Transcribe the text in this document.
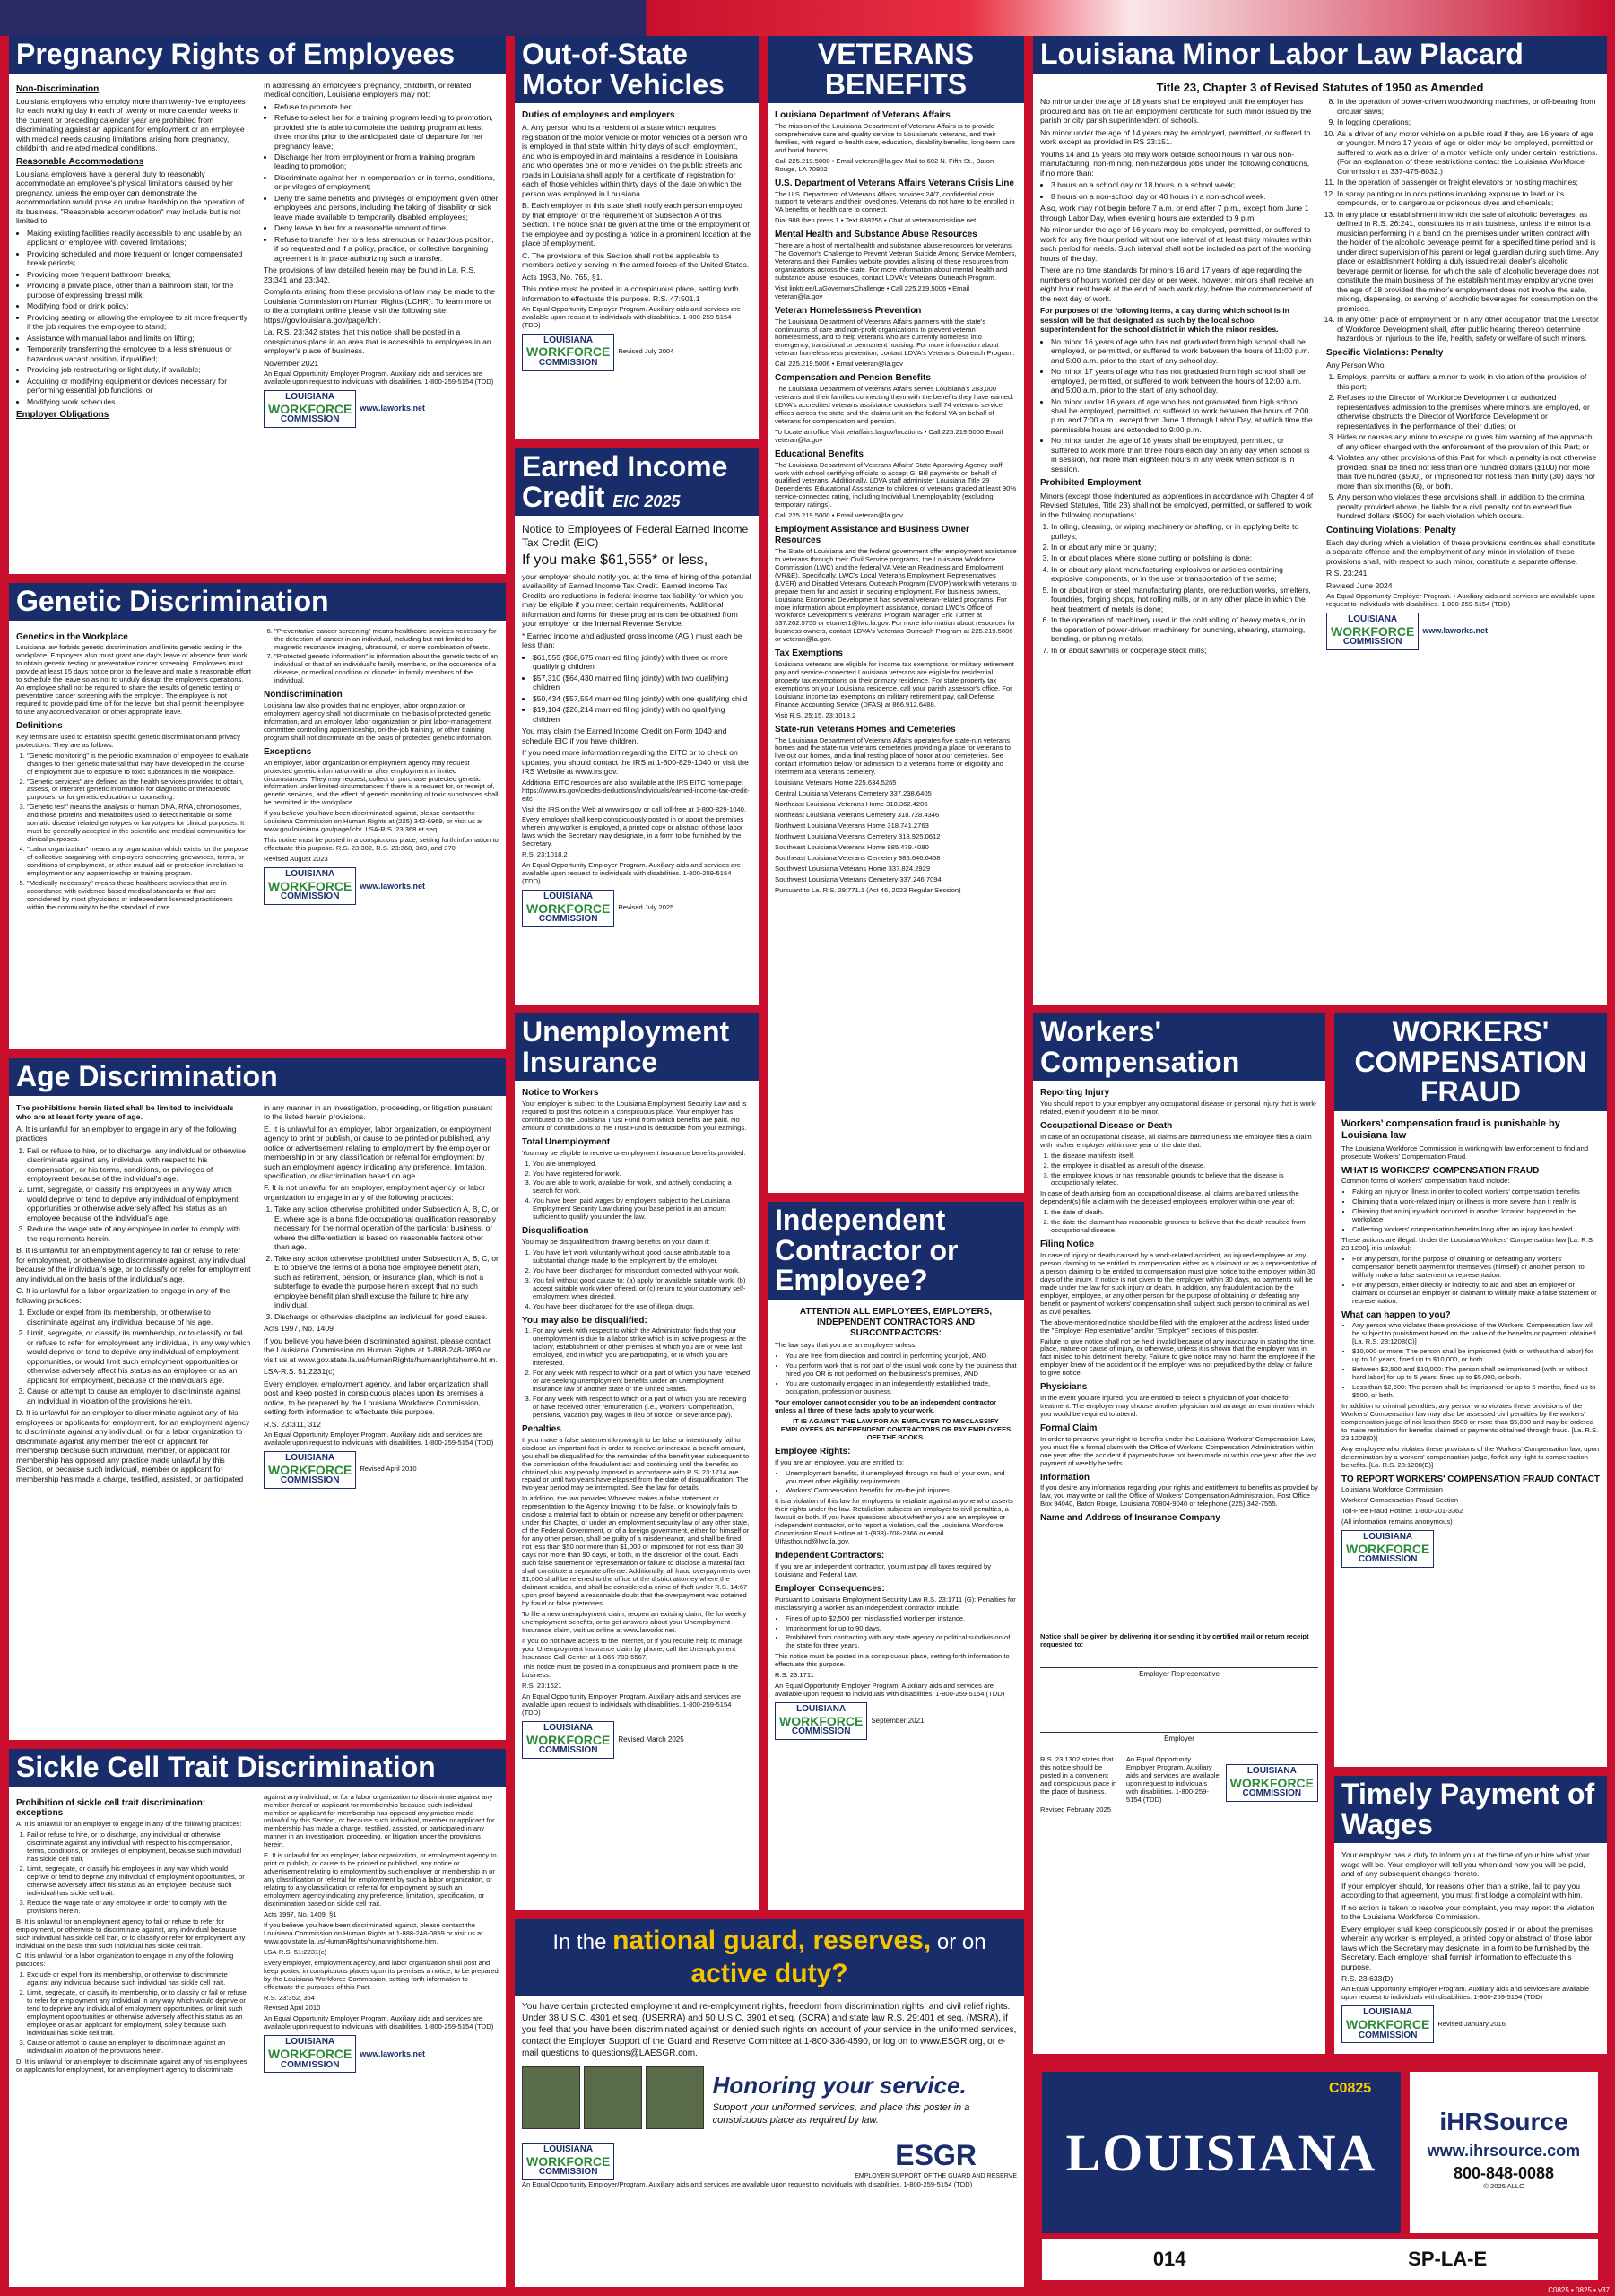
Pregnancy Rights of Employees
Non-Discrimination

Louisiana employers who employ more than twenty-five employees for each working day in each of twenty or more calendar weeks in the current or preceding calendar year are prohibited from discriminating against an applicant for employment or an employee with medical needs causing limitations arising from pregnancy, childbirth, and related medical conditions.

Reasonable Accommodations

Louisiana employers have a general duty to reasonably accommodate an employee's physical limitations caused by her pregnancy, unless the employer can demonstrate the accommodation would pose an undue hardship on the operation of its business. "Reasonable accommodation" may include but is not limited to:

• Making existing facilities readily accessible to and usable by an applicant or employee with covered limitations;
• Providing scheduled and more frequent or longer compensated break periods;
• Providing more frequent bathroom breaks;
• Providing a private place, other than a bathroom stall, for the purpose of expressing breast milk;
• Modifying food or drink policy;
• Providing seating or allowing the employee to sit more frequently if the job requires the employee to stand;
• Assistance with manual labor and limits on lifting;
• Temporarily transferring the employee to a less strenuous or hazardous vacant position, if qualified;
• Providing job restructuring or light duty, if available;
• Acquiring or modifying equipment or devices necessary for performing essential job functions; or
• Modifying work schedules.
Employer Obligations

In addressing an employee's pregnancy, childbirth, or related medical condition, Louisiana employers may not:

• Refuse to promote her;
• Refuse to select her for a training program leading to promotion, provided she is able to complete the training program at least three months prior to the anticipated date of departure for her pregnancy leave;
• Discharge her from employment or from a training program leading to promotion;
• Discriminate against her in compensation or in terms, conditions, or privileges of employment;
• Deny the same benefits and privileges of employment given other employees and persons, including the taking of disability or sick leave made available to temporarily disabled employees;
• Deny leave to her for a reasonable amount of time;
• Refuse to transfer her to a less strenuous or hazardous position, if so requested and if a policy, practice, or collective bargaining agreement is in place authorizing such a transfer.

The provisions of law detailed herein may be found in La. R.S. 23:341 and 23:342.

Complaints arising from these provisions of law may be made to the Louisiana Commission on Human Rights (LCHR). To learn more or to file a complaint online please visit the following site: https://gov.louisiana.gov/page/lchr.

La. R.S. 23:342 states that this notice shall be posted in a conspicuous place in an area that is accessible to employees in an employer's place of business.

November 2021

An Equal Opportunity Employer Program. Auxiliary aids and services are available upon request to individuals with disabilities. 1-800-259-5154 (TDD)

LOUISIANA
WORKFORCE
COMMISSION
www.laworks.net
Out-of-State Motor Vehicles
Duties of employees and employers

A. Any person who is a resident of a state which requires registration of the motor vehicle or motor vehicles of a person who is employed in that state within thirty days of such employment, and who is employed in and maintains a residence in Louisiana and who operates one or more vehicles on the public streets and roads in Louisiana shall apply for a certificate of registration for each of those vehicles within thirty days of the date on which the person was employed in Louisiana.

B. Each employer in this state shall notify each person employed by that employer of the requirement of Subsection A of this Section. The notice shall be given at the time of the employment of the employee and by posting a notice in a prominent location at the place of employment.

C. The provisions of this Section shall not be applicable to members actively serving in the armed forces of the United States.

Acts 1993, No. 765, §1.

This notice must be posted in a conspicuous place, setting forth information to effectuate this purpose. R.S. 47:501.1

An Equal Opportunity Employer Program. Auxiliary aids and services are available upon request to individuals with disabilities. 1-800-259-5154 (TDD)

LOUISIANA
WORKFORCE
COMMISSION
Revised July 2004
Earned Income Credit EIC 2025

Notice to Employees of Federal Earned Income Tax Credit (EIC)

If you make $61,555* or less,

your employer should notify you at the time of hiring of the potential availability of Earned Income Tax Credit. Earned Income Tax Credits are reductions in federal income tax liability for which you may be eligible if you meet certain requirements. Additional information and forms for these programs can be obtained from your employer or the Internal Revenue Service.

* Earned income and adjusted gross income (AGI) must each be less than:

• $61,555 ($68,675 married filing jointly) with three or more qualifying children
• $57,310 ($64,430 married filing jointly) with two qualifying children
• $50,434 ($57,554 married filing jointly) with one qualifying child
• $19,104 ($26,214 married filing jointly) with no qualifying children

You may claim the Earned Income Credit on Form 1040 and schedule EIC if you have children.

If you need more information regarding the EITC or to check on updates, you should contact the IRS at 1-800-829-1040 or visit the IRS Website at www.irs.gov.

Additional EITC resources are also available at the IRS EITC home page: https://www.irs.gov/credits-deductions/individuals/earned-income-tax-credit-eitc

Visit the IRS on the Web at www.irs.gov or call toll-free at 1-800-829-1040.

Every employer shall keep conspicuously posted in or about the premises wherein any worker is employed, a printed copy or abstract of those labor laws which the Secretary may designate, in a form to be furnished by the Secretary.

R.S. 23:1018.2

An Equal Opportunity Employer Program. Auxiliary aids and services are available upon request to individuals with disabilities. 1-800-259-5154 (TDD)

LOUISIANA
WORKFORCE
COMMISSION
Revised July 2025
VETERANS BENEFITS
Louisiana Department of Veterans Affairs

The mission of the Louisiana Department of Veterans Affairs is to provide comprehensive care and quality service to Louisiana's veterans, and their families, with regard to health care, education, disability benefits, long-term care and burial honors.

Call 225.219.5000 • Email veteran@la.gov Mail to 602 N. Fifth St., Baton Rouge, LA 70802

U.S. Department of Veterans Affairs Veterans Crisis Line

The U.S. Department of Veterans Affairs provides 24/7, confidential crisis support to veterans and their loved ones. Veterans do not have to be enrolled in VA benefits or health care to connect.

Dial 988 then press 1 • Text 838255 • Chat at veteranscrisisline.net

Mental Health and Substance Abuse Resources

There are a host of mental health and substance abuse resources for veterans. The Governor's Challenge to Prevent Veteran Suicide Among Service Members, Veterans and their Families website provides a listing of these resources from organizations across the state. For more information about mental health and substance abuse resources, contact LDVA's Veterans Outreach Program.

Visit linktr.ee/LaGovernorsChallenge • Call 225.219.5006 • Email veteran@la.gov

Veteran Homelessness Prevention

The Louisiana Department of Veterans Affairs partners with the state's continuums of care and non-profit organizations to prevent veteran homelessness, and to help veterans who are currently homeless into emergency, transitional or permanent housing. For more information about veteran homelessness prevention, contact LDVA's Veterans Outreach Program.

Call 225.219.5006 • Email veteran@la.gov

Compensation and Pension Benefits

The Louisiana Department of Veterans Affairs serves Louisiana's 283,000 veterans and their families connecting them with the benefits they have earned. LDVA's accredited veterans assistance counselors staff 74 veterans service offices across the state and the claims unit on the federal VA on behalf of veterans for compensation and pension.

To locate an office Visit vetaffairs.la.gov/locations • Call 225.219.5000 Email veteran@la.gov

Educational Benefits

The Louisiana Department of Veterans Affairs' State Approving Agency staff work with school certifying officials to accept GI Bill payments on behalf of qualified veterans. Additionally, LDVA staff administer Louisiana Title 29 Dependents' Educational Assistance to children of veterans graded at least 90% service-connected rating, including Individual Unemployability (excluding temporary ratings).

Call 225.219.5000 • Email veteran@la.gov

Employment Assistance and Business Owner Resources

The State of Louisiana and the federal government offer employment assistance to veterans through their Civil Service programs, the Louisiana Workforce Commission (LWC) and the federal VA Veteran Readiness and Employment (VR&E). Specifically, LWC's Local Veterans Employment Representatives (LVER) and Disabled Veterans Outreach Program (DVOP) work with veterans to prepare them for and assist in securing employment. For business owners, Louisiana Economic Development has several veteran-related programs. For more information about employment assistance, contact LWC's Office of Workforce Development's Veterans' Program Manager Eric Turner at 337.262.5750 or eturner1@lwc.la.gov. For more information about resources for business owners, contact LDVA's Veterans Outreach Program at 225.219.5006 or veteran@la.gov.

Tax Exemptions

Louisiana veterans are eligible for income tax exemptions for military retirement pay and service-connected Louisiana veterans are eligible for residential property tax exemptions on their primary residence. For state property tax exemptions on your Louisiana residence, call your parish assessor's office. For Louisiana income tax exemptions on military retirement pay, call Defense Finance Accounting Service (DFAS) at 866.912.6488.

Visit R.S. 25:15, 23:1018.2

State-run Veterans Homes and Cemeteries

The Louisiana Department of Veterans Affairs operates five state-run veterans homes and the state-run veterans cemeteries providing a place for veterans to live out our homes, and a final resting place of honor at our cemeteries. See contact information below for admission to a veterans home or eligibility and interment at a veterans cemetery.

Louisiana Veterans Home 225.634.5265

Central Louisiana Veterans Cemetery 337.238.6405

Northeast Louisiana Veterans Home 318.362.4206

Northeast Louisiana Veterans Cemetery 318.728.4346

Northwest Louisiana Veterans Home 318.741.2763

Northwest Louisiana Veterans Cemetery 318.925.0612

Southeast Louisiana Veterans Home 985.479.4080

Southeast Louisiana Veterans Cemetery 985.646.6458

Southwest Louisiana Veterans Home 337.824.2929

Southwest Louisiana Veterans Cemetery 337.246.7094

Pursuant to La. R.S. 29:771.1 (Act 46, 2023 Regular Session)

Louisiana Minor Labor Law Placard

Title 23, Chapter 3 of Revised Statutes of 1950 as Amended

No minor under the age of 18 years shall be employed until the employer has procured and has on file an employment certificate for such minor issued by the parish or city parish superintendent of schools.

No minor under the age of 14 years may be employed, permitted, or suffered to work except as provided in RS 23:151.

Youths 14 and 15 years old may work outside school hours in various non-manufacturing, non-mining, non-hazardous jobs under the following conditions, if no more than:

• 3 hours on a school day or 18 hours in a school week;
• 8 hours on a non-school day or 40 hours in a non-school week.

Also, work may not begin before 7 a.m. or end after 7 p.m., except from June 1 through Labor Day, when evening hours are extended to 9 p.m.

No minor under the age of 16 years may be employed, permitted, or suffered to work for any five hour period without one interval of at least thirty minutes within such period for meals. Such interval shall not be included as part of the working hours of the day.

There are no time standards for minors 16 and 17 years of age regarding the numbers of hours worked per day or per week, however, minors shall receive an eight hour rest break at the end of each work day, before the commencement of the next day of work.

For purposes of the following items, a day during which school is in session will be that designated as such by the local school superintendent for the school district in which the minor resides.

• No minor 16 years of age who has not graduated from high school shall be employed, or permitted, or suffered to work between the hours of 11:00 p.m. and 5:00 a.m. prior to the start of any school day.
• No minor 17 years of age who has not graduated from high school shall be employed, permitted, or suffered to work between the hours of 12:00 a.m. and 5:00 a.m. prior to the start of any school day.
• No minor under 16 years of age who has not graduated from high school shall be employed, permitted, or suffered to work between the hours of 7:00 p.m. and 7:00 a.m., except from June 1 through Labor Day, at which time the permissible hours are extended to 9:00 p.m.
• No minor under the age of 16 years shall be employed, permitted, or suffered to work more than three hours each day on any day when school is in session, nor more than eighteen hours in any week when school is in session.
Prohibited Employment

Minors (except those indentured as apprentices in accordance with Chapter 4 of Revised Statutes, Title 23) shall not be employed, permitted, or suffered to work in the following occupations:

1. In oiling, cleaning, or wiping machinery or shafting, or in applying belts to pulleys;
2. In or about any mine or quarry;
3. In or about places where stone cutting or polishing is done;
4. In or about any plant manufacturing explosives or articles containing explosive components, or in the use or transportation of the same;
5. In or about iron or steel manufacturing plants, ore reduction works, smelters, foundries, forging shops, hot rolling mills, or in any other place in which the heat treatment of metals is done;
6. In the operation of machinery used in the cold rolling of heavy metals, or in the operation of power-driven machinery for punching, shearing, stamping, bending, or planing metals;
7. In or about sawmills or cooperage stock mills;
8. In the operation of power-driven woodworking machines, or off-bearing from circular saws;
9. In logging operations;
10. As a driver of any motor vehicle on a public road if they are 16 years of age or younger. Minors 17 years of age or older may be employed, permitted or suffered to work as a driver of a motor vehicle only under certain restrictions. (For an explanation of these restrictions contact the Louisiana Workforce Commission at 337-475-8032.)
11. In the operation of passenger or freight elevators or hoisting machines;
12. In spray painting or in occupations involving exposure to lead or its compounds, or to dangerous or poisonous dyes and chemicals;
13. In any place or establishment in which the sale of alcoholic beverages, as defined in R.S. 26:241, constitutes its main business, unless the minor is a musician performing in a band on the premises under written contract with the holder of the alcoholic beverage permit for a specified time period and is under direct supervision of his parent or legal guardian during such time. Any place or establishment holding a duly issued retail dealer's alcoholic beverage permit or license, for which the sale of alcoholic beverage does not constitute the main business of the establishment may employ anyone over the age of 18 provided the minor's employment does not involve the sale, mixing, dispensing, or serving of alcoholic beverages for consumption on the premises.
14. In any other place of employment or in any other occupation that the Director of Workforce Development shall, after public hearing thereon determine hazardous or injurious to the life, health, safety or welfare of such minors.
Specific Violations: Penalty

Any Person Who:

1. Employs, permits or suffers a minor to work in violation of the provision of this part;
2. Refuses to the Director of Workforce Development or authorized representatives admission to the premises where minors are employed, or otherwise obstructs the Director of Workforce Development or representatives in the performance of their duties; or
3. Hides or causes any minor to escape or gives him warning of the approach of any officer charged with the enforcement of the provision of this Part; or
4. Violates any other provisions of this Part for which a penalty is not otherwise provided, shall be fined not less than one hundred dollars ($100) nor more than five hundred ($500), or imprisoned for not less than thirty (30) days nor more than six months (6), or both.
5. Any person who violates these provisions shall, in addition to the criminal penalty provided above, be liable for a civil penalty not to exceed five hundred dollars ($500) for each violation which occurs.
Continuing Violations: Penalty

Each day during which a violation of these provisions continues shall constitute a separate offense and the employment of any minor in violation of these provisions shall, with respect to such minor, constitute a separate offense.

R.S. 23:241

Revised June 2024

An Equal Opportunity Employer Program. • Auxiliary aids and services are available upon request to individuals with disabilities. 1-800-259-5154 (TDD)

LOUISIANA
WORKFORCE
COMMISSION
www.laworks.net
Genetic Discrimination
Genetics in the Workplace

Louisiana law forbids genetic discrimination and limits genetic testing in the workplace. Employers also must grant one day's leave of absence from work to obtain genetic testing or preventative cancer screening. Employees must provide at least 15 days notice prior to the leave and make a reasonable effort to schedule the leave so as not to unduly disrupt the employer's operations. An employee shall not be required to share the results of genetic testing or preventative cancer screening with the employer. The employee is not required to provide paid time off for the leave, but shall permit the employee to use any accrued vacation or other appropriate leave.

Definitions

Key terms are used to establish specific genetic discrimination and privacy protections. They are as follows:

1. "Genetic monitoring" is the periodic examination of employees to evaluate changes to their genetic material that may have developed in the course of employment due to exposure to toxic substances in the workplace.
2. "Genetic services" are defined as the health services provided to obtain, assess, or interpret genetic information for diagnostic or therapeutic purposes, or for genetic education or counseling.
3. "Genetic test" means the analysis of human DNA, RNA, chromosomes, and those proteins and metabolites used to detect heritable or some somatic disease related genotypes or karyotypes for clinical purposes. It must be generally accepted in the scientific and medical communities for clinical purposes.
4. "Labor organization" means any organization which exists for the purpose of collective bargaining with employers concerning grievances, terms, or conditions of employment, or other mutual aid or protection in relation to employment or any apprenticeship or training program.
5. "Medically necessary" means those healthcare services that are in accordance with evidence-based medical standards or that are considered by most physicians or independent licensed practitioners within the community to be the standard of care.
6. "Preventative cancer screening" means healthcare services necessary for the detection of cancer in an individual, including but not limited to magnetic resonance imaging, ultrasound, or some combination of tests.
7. "Protected genetic information" is information about the genetic tests of an individual or that of an individual's family members, or the occurrence of a disease, or medical condition or disorder in family members of the individual.
Nondiscrimination

Louisiana law also provides that no employer, labor organization or employment agency shall not discriminate on the basis of protected genetic information, and an employer, labor organization or joint labor-management committee controlling apprenticeship, on-the-job training, or other training program shall not discriminate on the basis of protected genetic information.

Exceptions

An employer, labor organization or employment agency may request protected genetic information with or after employment in limited circumstances. They may request, collect or purchase protected genetic information under limited circumstances if there is a request for, or receipt of, genetic services, and the effect of genetic monitoring of toxic substances shall be permitted in the workplace.

If you believe you have been discriminated against, please contact the Louisiana Commission on Human Rights at (225) 342-6969, or visit us at www.gov.louisiana.gov/page/lchr. LSA-R.S. 23:368 et seq.

This notice must be posted in a conspicuous place, setting forth information to effectuate this purpose. R.S. 23:302, R.S. 23:368, 369, and 370

Revised August 2023

LOUISIANA
WORKFORCE
COMMISSION
www.laworks.net
Age Discrimination

The prohibitions herein listed shall be limited to individuals who are at least forty years of age.

A. It is unlawful for an employer to engage in any of the following practices:

1. Fail or refuse to hire, or to discharge, any individual or otherwise discriminate against any individual with respect to his compensation, or his terms, conditions, or privileges of employment because of the individual's age.
2. Limit, segregate, or classify his employees in any way which would deprive or tend to deprive any individual of employment opportunities or otherwise adversely affect his status as an employee because of the individual's age.
3. Reduce the wage rate of any employee in order to comply with the requirements herein.

B. It is unlawful for an employment agency to fail or refuse to refer for employment, or otherwise to discriminate against, any individual because of the individual's age, or to classify or refer for employment any individual on the basis of the individual's age.

C. It is unlawful for a labor organization to engage in any of the following practices:

1. Exclude or expel from its membership, or otherwise to discriminate against any individual because of his age.
2. Limit, segregate, or classify its membership, or to classify or fail or refuse to refer for employment any individual, in any way which would deprive or tend to deprive any individual of employment opportunities, or would limit such employment opportunities or otherwise adversely affect his status as an employee or as an applicant for employment, because of the individual's age.
3. Cause or attempt to cause an employer to discriminate against an individual in violation of the provisions herein.

D. It is unlawful for an employer to discriminate against any of his employees or applicants for employment, for an employment agency to discriminate against any individual, or for a labor organization to discriminate against any member thereof or applicant for membership because such individual, member, or applicant for membership has opposed any practice made unlawful by this Section, or because such individual, member or applicant for membership has made a charge, testified, assisted, or participated in any manner in an investigation, proceeding, or litigation pursuant to the listed herein provisions.

E. It is unlawful for an employer, labor organization, or employment agency to print or publish, or cause to be printed or published, any notice or advertisement relating to employment by the employer or membership in or any classification or referral for employment by such an employment agency indicating any preference, limitation, specification, or discrimination based on age.

F. It is not unlawful for an employer, employment agency, or labor organization to engage in any of the following practices:

1. Take any action otherwise prohibited under Subsection A, B, C, or E, where age is a bona fide occupational qualification reasonably necessary for the normal operation of the particular business, or where the differentiation is based on reasonable factors other than age.
2. Take any action otherwise prohibited under Subsection A, B, C, or E to observe the terms of a bona fide employee benefit plan, such as retirement, pension, or insurance plan, which is not a subterfuge to evade the purpose herein except that no such employee benefit plan shall excuse the failure to hire any individual.
3. Discharge or otherwise discipline an individual for good cause.

Acts 1997, No. 1409

If you believe you have been discriminated against, please contact the Louisiana Commission on Human Rights at 1-888-248-0859 or visit us at www.gov.state.la.us/HumanRights/humanrightshome.ht m.

LSA-R.S. 51:2231(c)

Every employer, employment agency, and labor organization shall post and keep posted in conspicuous places upon its premises a notice, to be prepared by the Louisiana Workforce Commission, setting forth information to effectuate this purpose.

R.S. 23:311, 312

An Equal Opportunity Employer Program. Auxiliary aids and services are available upon request to individuals with disabilities. 1-800-259-5154 (TDD)

LOUISIANA
WORKFORCE
COMMISSION
Revised April 2010
Sickle Cell Trait Discrimination
Prohibition of sickle cell trait discrimination; exceptions

A. It is unlawful for an employer to engage in any of the following practices:

1. Fail or refuse to hire, or to discharge, any individual or otherwise discriminate against any individual with respect to his compensation, terms, conditions, or privileges of employment, because such individual has sickle cell trait.
2. Limit, segregate, or classify his employees in any way which would deprive or tend to deprive any individual of employment opportunities, or otherwise adversely affect his status as an employee, because such individual has sickle cell trait.
3. Reduce the wage rate of any employee in order to comply with the provisions herein.

B. It is unlawful for an employment agency to fail or refuse to refer for employment, or otherwise to discriminate against, any individual because such individual has sickle cell trait, or to classify or refer for employment any individual on the basis that such individual has sickle cell trait.

C. It is unlawful for a labor organization to engage in any of the following practices:

1. Exclude or expel from its membership, or otherwise to discriminate against any individual because such individual has sickle cell trait.
2. Limit, segregate, or classify its membership, or to classify or fail or refuse to refer for employment any individual in any way which would deprive or tend to deprive any individual of employment opportunities, or limit such employment opportunities or otherwise adversely affect his status as an employee or as an applicant for employment, solely because such individual has sickle cell trait.
3. Cause or attempt to cause an employer to discriminate against an individual in violation of the provisions herein.

D. It is unlawful for an employer to discriminate against any of his employees or applicants for employment, for an employment agency to discriminate against any individual, or for a labor organization to discriminate against any member thereof or applicant for membership because such individual, member or applicant for membership has opposed any practice made unlawful by this Section, or because such individual, member or applicant for membership has made a charge, testified, assisted, or participated in any manner in an investigation, proceeding, or litigation under the provisions herein.

E. It is unlawful for an employer, labor organization, or employment agency to print or publish, or cause to be printed or published, any notice or advertisement relating to employment by such employer or membership in or any classification or referral for employment by such a labor organization, or relating to any classification or referral for employment by such an employment agency indicating any preference, limitation, specification, or discrimination based on sickle cell trait.

Acts 1997, No. 1409, §1

If you believe you have been discriminated against, please contact the Louisiana Commission on Human Rights at 1-888-248-0859 or visit us at www.gov.state.la.us/HumanRights/humanrightshome.htm.

LSA-R.S. 51:2231(c)

Every employer, employment agency, and labor organization shall post and keep posted in conspicuous places upon its premises a notice, to be prepared by the Louisiana Workforce Commission, setting forth information to effectuate the purposes of this Part.

R.S. 23:352, 354

Revised April 2010

An Equal Opportunity Employer Program. Auxiliary aids and services are available upon request to individuals with disabilities. 1-800-259-5154 (TDD)

LOUISIANA
WORKFORCE
COMMISSION
www.laworks.net
Unemployment Insurance
Notice to Workers

Your employer is subject to the Louisiana Employment Security Law and is required to post this notice in a conspicuous place. Your employer has contributed to the Louisiana Trust Fund from which benefits are paid. No amount of contributions to the Trust Fund is deductible from your earnings.

Total Unemployment

You may be eligible to receive unemployment insurance benefits provided:

1. You are unemployed.
2. You have registered for work.
3. You are able to work, available for work, and actively conducting a search for work.
4. You have been paid wages by employers subject to the Louisiana Employment Security Law during your base period in an amount sufficient to qualify you under the law.
Disqualification

You may be disqualified from drawing benefits on your claim if:

1. You have left work voluntarily without good cause attributable to a substantial change made to the employment by the employer.
2. You have been discharged for misconduct connected with your work.
3. You fail without good cause to: (a) apply for available suitable work, (b) accept suitable work when offered, or (c) return to your customary self-employment when directed.
4. You have been discharged for the use of illegal drugs.
You may also be disqualified:
1. For any week with respect to which the Administrator finds that your unemployment is due to a labor strike which is in active progress at the factory, establishment or other premises at which you are or were last employed, and in which you are participating, or in which you are interested.
2. For any week with respect to which or a part of which you have received or are seeking unemployment benefits under an unemployment insurance law of another state or the United States.
3. For any week with respect to which or a part of which you are receiving or have received other remuneration (i.e., Workers' Compensation, pensions, vacation pay, wages in lieu of notice, or severance pay).
Penalties

If you make a false statement knowing it to be false or intentionally fail to disclose an important fact in order to receive or increase a benefit amount, you shall be disqualified for the remainder of the benefit year subsequent to the commission of the fraudulent act and continuing until the benefits so obtained plus any penalty imposed in accordance with R.S. 23:1714 are repaid or until two years have elapsed from the date of disqualification. The two-year period may be interrupted. See the law for details.

In addition, the law provides Whoever makes a false statement or representation to the Agency knowing it to be false, or knowingly fails to disclose a material fact to obtain or increase any benefit or other payment under this Chapter, or under an employment security law of any other state, of the Federal Government, or of a foreign government, either for himself or for any other person, shall be guilty of a misdemeanor, and shall be fined not less than $50 nor more than $1,000 or imprisoned for not less than 30 days nor more than 90 days, or both, in the discretion of the court. Each such false statement or representation or failure to disclose a material fact shall constitute a separate offense. Additionally, all fraud overpayments over $1,000 shall be referred to the office of the district attorney where the claimant resides, and shall be considered a crime of theft under R.S. 14:67 upon proof beyond a reasonable doubt that the overpayment was obtained by fraud or false pretenses.

To file a new unemployment claim, reopen an existing claim, file for weekly unemployment benefits, or to get answers about your Unemployment Insurance claim, visit us online at www.laworks.net.

If you do not have access to the Internet, or if you require help to manage your Unemployment Insurance claim by phone, call the Unemployment Insurance Call Center at 1-866-783-5567.

This notice must be posted in a conspicuous and prominent place in the business.

R.S. 23:1621

An Equal Opportunity Employer Program. Auxiliary aids and services are available upon request to individuals with disabilities. 1-800-259-5154 (TDD)

LOUISIANA
WORKFORCE
COMMISSION
Revised March 2025
Independent Contractor or Employee?

ATTENTION ALL EMPLOYEES, EMPLOYERS, INDEPENDENT CONTRACTORS AND SUBCONTRACTORS:

The law says that you are an employee unless:

• You are free from direction and control in performing your job, AND
• You perform work that is not part of the usual work done by the business that hired you OR is not performed on the business's premises, AND
• You are customarily engaged in an independently established trade, occupation, profession or business.

Your employer cannot consider you to be an independent contractor unless all three of these facts apply to your work.

IT IS AGAINST THE LAW FOR AN EMPLOYER TO MISCLASSIFY EMPLOYEES AS INDEPENDENT CONTRACTORS OR PAY EMPLOYEES OFF THE BOOKS.

Employee Rights:

If you are an employee, you are entitled to:

• Unemployment benefits, if unemployed through no fault of your own, and you meet other eligibility requirements.
• Workers' Compensation benefits for on-the-job injuries.

It is a violation of this law for employers to retaliate against anyone who asserts their rights under the law. Retaliation subjects an employer to civil penalties, a lawsuit or both. If you have questions about whether you are an employee or independent contractor, or to report a violation, call the Louisiana Workforce Commission Fraud Hotline at 1-(833)-708-2866 or email UIfasthound@lwc.la.gov.

Independent Contractors:

If you are an independent contractor, you must pay all taxes required by Louisiana and Federal Law.

Employer Consequences:

Pursuant to Louisiana Employment Security Law R.S. 23:1711 (G): Penalties for misclassifying a worker as an independent contractor include:

• Fines of up to $2,500 per misclassified worker per instance.
• Imprisonment for up to 90 days.
• Prohibited from contracting with any state agency or political subdivision of the state for three years.

This notice must be posted in a conspicuous place, setting forth information to effectuate this purpose.

R.S. 23:1711

An Equal Opportunity Employer Program. Auxiliary aids and services are available upon request to individuals with disabilities. 1-800-259-5154 (TDD)

LOUISIANA
WORKFORCE
COMMISSION
September 2021
In the national guard, reserves, or on active duty?

You have certain protected employment and re-employment rights, freedom from discrimination rights, and civil relief rights. Under 38 U.S.C. 4301 et seq. (USERRA) and 50 U.S.C. 3901 et seq. (SCRA) and state law R.S. 29:401 et seq. (MSRA), if you feel that you have been discriminated against or denied such rights on account of your service in the uniformed services, contact the Employer Support of the Guard and Reserve Committee at 1-800-336-4590, or log on to www.ESGR.org, or e-mail questions to questions@LAESGR.com.

Honoring your service.

Support your uniformed services, and place this poster in a conspicuous place as required by law.

LOUISIANA
WORKFORCE
COMMISSION
ESGR
EMPLOYER SUPPORT OF THE GUARD AND RESERVE

An Equal Opportunity Employer/Program. Auxiliary aids and services are available upon request to individuals with disabilities. 1-800-259-5154 (TDD)

Workers' Compensation
Reporting Injury

You should report to your employer any occupational disease or personal injury that is work-related, even if you deem it to be minor.

Occupational Disease or Death

In case of an occupational disease, all claims are barred unless the employee files a claim with his/her employer within one year of the date that:

1. the disease manifests itself.
2. the employee is disabled as a result of the disease.
3. the employee knows or has reasonable grounds to believe that the disease is occupationally related.

In case of death arising from an occupational disease, all claims are barred unless the dependent(s) file a claim with the deceased employee's employer within one year of:

1. the date of death.
2. the date the claimant has reasonable grounds to believe that the death resulted from occupational disease.
Filing Notice

In case of injury or death caused by a work-related accident, an injured employee or any person claiming to be entitled to compensation either as a claimant or as a representative of a person claiming to be entitled to compensation must give notice to the employer within 30 days of the injury. If notice is not given to the employer within 30 days, no payments will be made under the law for such injury or death. In addition, any fraudulent action by the employer, employee, or any other person for the purpose of obtaining or defeating any benefit or payment of workers' compensation shall subject such person to criminal as well as civil penalties.

The above-mentioned notice should be filed with the employer at the address listed under the "Employer Representative" and/or "Employer" sections of this poster.

Failure to give notice shall not be held invalid because of any inaccuracy in stating the time, place, nature or cause of injury, or otherwise, unless it is shown that the employer was in fact misled to his detriment thereby. Failure to give notice may not harm the employee if the employer knew of the accident or if the employer was not prejudiced by the delay or failure to give notice.

Physicians

In the event you are injured, you are entitled to select a physician of your choice for treatment. The employer may choose another physician and arrange an examination which you would be required to attend.

Formal Claim

In order to preserve your right to benefits under the Louisiana Workers' Compensation Law, you must file a formal claim with the Office of Workers' Compensation Administration within one year after the accident if payments have not been made or within one year after the last payment of weekly benefits.

Information

If you desire any information regarding your rights and entitlement to benefits as provided by law, you may write or call the Office of Workers' Compensation Administration, Post Office Box 94040, Baton Rouge, Louisiana 70804-9040 or telephone (225) 342-7555.

Name and Address of Insurance Company

Notice shall be given by delivering it or sending it by certified mail or return receipt requested to:

Employer Representative
Employer

R.S. 23:1302 states that this notice should be posted in a convenient and conspicuous place in the place of business.

An Equal Opportunity Employer Program. Auxiliary aids and services are available upon request to individuals with disabilities. 1-800-259-5154 (TDD)

LOUISIANA
WORKFORCE
COMMISSION

Revised February 2025

WORKERS' COMPENSATION FRAUD

Workers' compensation fraud is punishable by Louisiana law

The Louisiana Workforce Commission is working with law enforcement to find and prosecute Workers' Compensation Fraud.

WHAT IS WORKERS' COMPENSATION FRAUD

Common forms of workers' compensation fraud include:

• Faking an injury or illness in order to collect workers' compensation benefits
• Claiming that a work-related injury or illness is more severe than it really is
• Claiming that an injury which occurred in another location happened in the workplace
• Collecting workers' compensation benefits long after an injury has healed

These actions are illegal. Under the Louisiana Workers' Compensation law [La. R.S. 23:1208], it is unlawful:

• For any person, for the purpose of obtaining or defeating any workers' compensation benefit payment for themselves (himself) or another person, to willfully make a false statement or representation.
• For any person, either directly or indirectly, to aid and abet an employer or claimant or counsel an employer or claimant to willfully make a false statement or representation.
What can happen to you?
• Any person who violates these provisions of the Workers' Compensation law will be subject to punishment based on the value of the benefits or payment obtained. [La. R.S. 23:1208(C)]
• $10,000 or more: The person shall be imprisoned (with or without hard labor) for up to 10 years, fined up to $10,000, or both.
• Between $2,500 and $10,000: The person shall be imprisoned (with or without hard labor) for up to 5 years, fined up to $5,000, or both.
• Less than $2,500: The person shall be imprisoned for up to 6 months, fined up to $500, or both.

In addition to criminal penalties, any person who violates these provisions of the Workers' Compensation law may also be assessed civil penalties by the workers' compensation judge of not less than $500 or more than $5,000 and may be ordered to make restitution for benefits claimed or payments obtained through fraud. [La. R.S. 23:1208(D)]

Any employee who violates these provisions of the Workers' Compensation law, upon determination by a workers' compensation judge, forfeit any right to compensation benefits. [La. R.S. 23:1208(E)]

TO REPORT WORKERS' COMPENSATION FRAUD CONTACT

Louisiana Workforce Commission

Workers' Compensation Fraud Section

Toll-Free Fraud Hotline: 1-800-201-3362

(All information remains anonymous)

LOUISIANA
WORKFORCE
COMMISSION
Timely Payment of Wages

Your employer has a duty to inform you at the time of your hire what your wage will be. Your employer will tell you when and how you will be paid, and of any subsequent changes thereto.

If your employer should, for reasons other than a strike, fail to pay you according to that agreement, you must first lodge a complaint with him.

If no action is taken to resolve your complaint, you may report the violation to the Louisiana Workforce Commission.

Every employer shall keep conspicuously posted in or about the premises wherein any worker is employed, a printed copy or abstract of those labor laws which the Secretary may designate, in a form to be furnished by the Secretary. Each employer shall furnish information to effectuate this purpose.

R.S. 23:633(D)

An Equal Opportunity Employer Program. Auxiliary aids and services are available upon request to individuals with disabilities. 1-800-259-5154 (TDD)

LOUISIANA
WORKFORCE
COMMISSION
Revised January 2016
LOUISIANA
C0825
iHRSource
www.ihrsource.com
800-848-0088
© 2025 ALLC
014	SP-LA-E
C0825 • 0825 • v37
